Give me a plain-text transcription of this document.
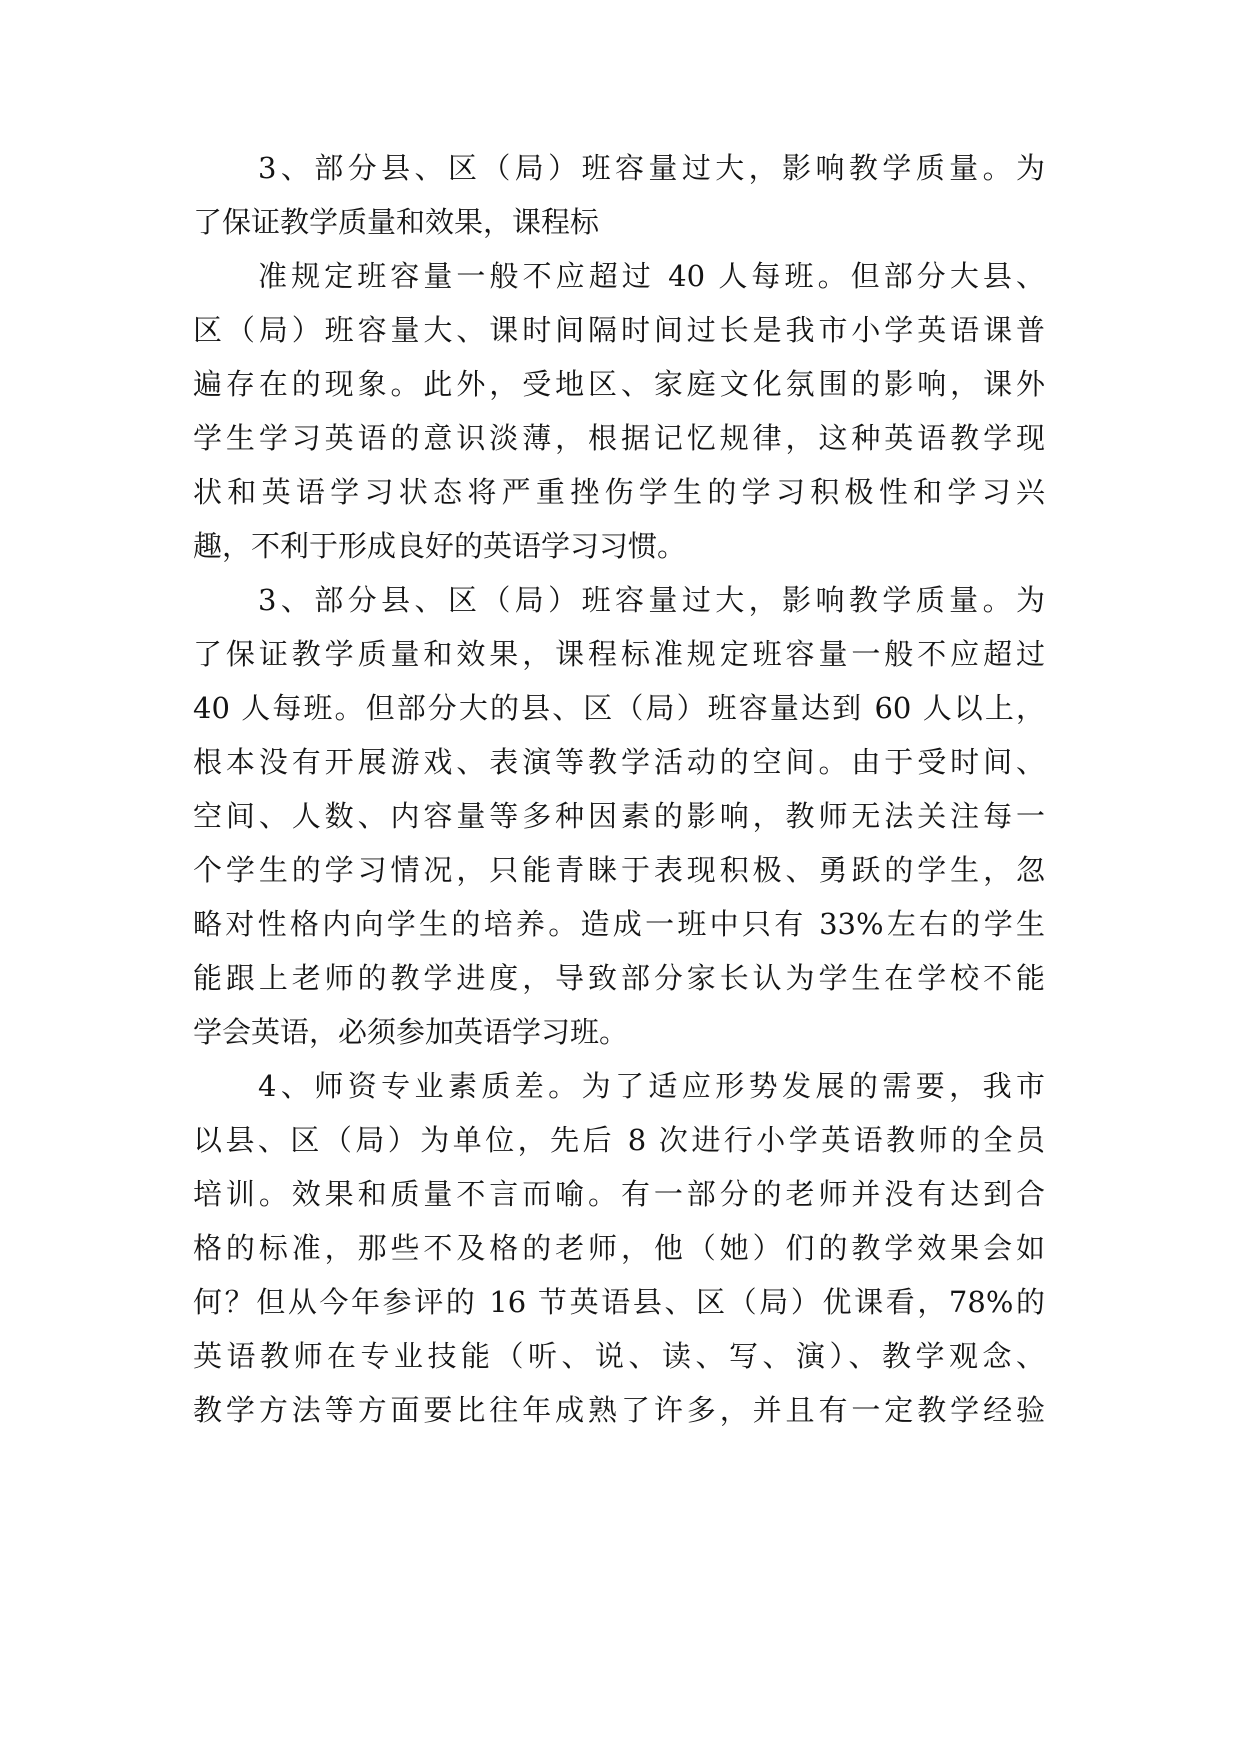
3、部分县、区（局）班容量过大，影响教学质量。为
了保证教学质量和效果，课程标
准规定班容量一般不应超过 40 人每班。但部分大县、
区（局）班容量大、课时间隔时间过长是我市小学英语课普
遍存在的现象。此外，受地区、家庭文化氛围的影响，课外
学生学习英语的意识淡薄，根据记忆规律，这种英语教学现
状和英语学习状态将严重挫伤学生的学习积极性和学习兴
趣，不利于形成良好的英语学习习惯。
3、部分县、区（局）班容量过大，影响教学质量。为
了保证教学质量和效果，课程标准规定班容量一般不应超过
40 人每班。但部分大的县、区（局）班容量达到 60 人以上，
根本没有开展游戏、表演等教学活动的空间。由于受时间、
空间、人数、内容量等多种因素的影响，教师无法关注每一
个学生的学习情况，只能青睐于表现积极、勇跃的学生，忽
略对性格内向学生的培养。造成一班中只有 33%左右的学生
能跟上老师的教学进度，导致部分家长认为学生在学校不能
学会英语，必须参加英语学习班。
4、师资专业素质差。为了适应形势发展的需要，我市
以县、区（局）为单位，先后 8 次进行小学英语教师的全员
培训。效果和质量不言而喻。有一部分的老师并没有达到合
格的标准，那些不及格的老师，他（她）们的教学效果会如
何？但从今年参评的 16 节英语县、区（局）优课看，78%的
英语教师在专业技能（听、说、读、写、演）、教学观念、
教学方法等方面要比往年成熟了许多，并且有一定教学经验
